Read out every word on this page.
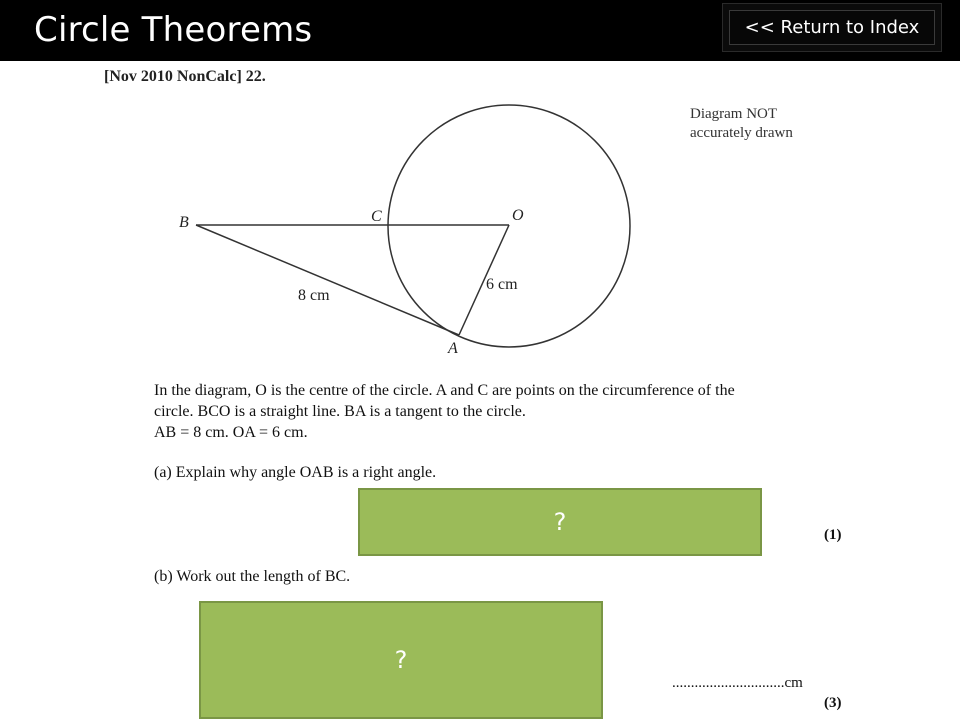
Circle Theorems	<< Return to Index
[Nov 2010 NonCalc] 22.
Diagram NOT
accurately drawn
B	C	O
A
8 cm
6 cm
In the diagram, O is the centre of the circle. A and C are points on the circumference of the
circle. BCO is a straight line. BA is a tangent to the circle.
AB = 8 cm. OA = 6 cm.
(a) Explain why angle OAB is a right angle.
?	(1)
(b) Work out the length of BC.
?
..............................cm
(3)
